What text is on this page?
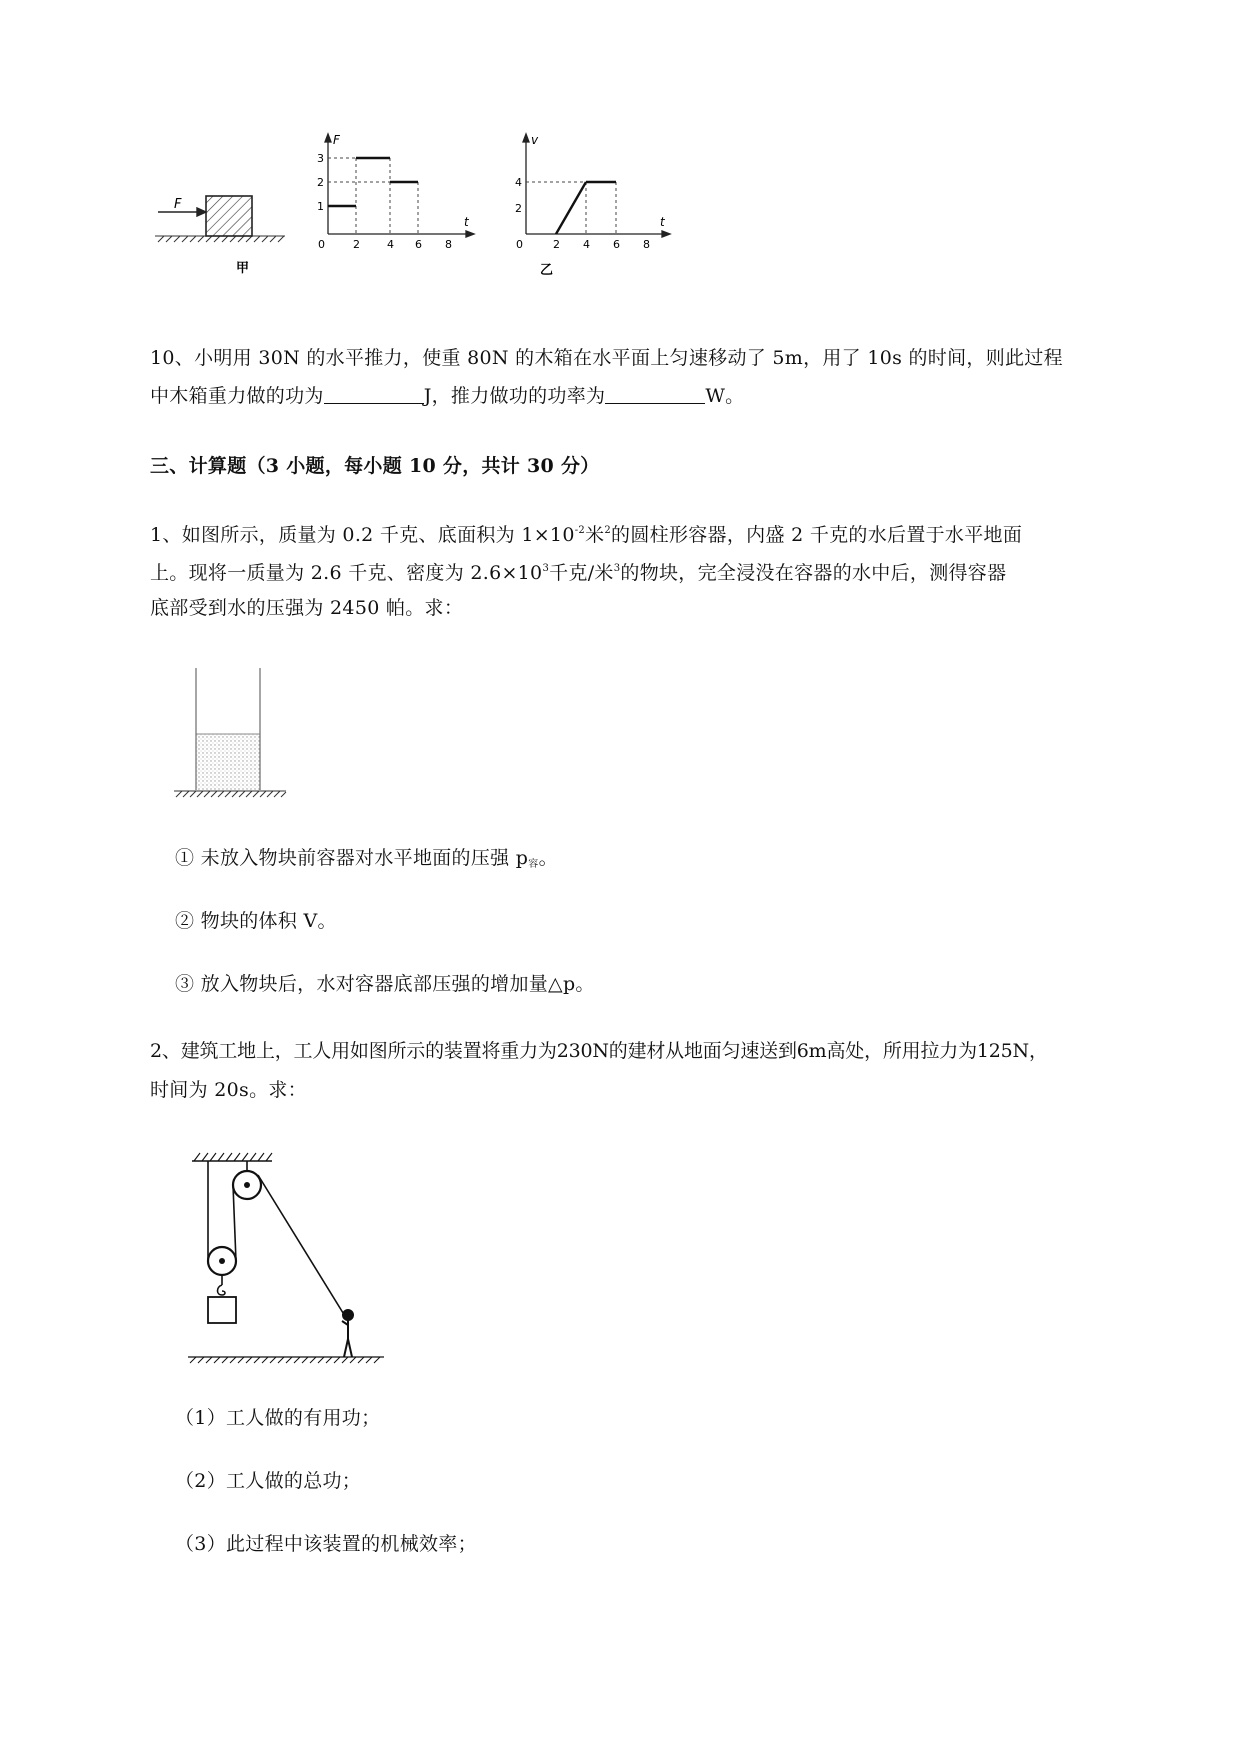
F
F
t
0	2 4 6 8
1
2
3
v
t
0	2 4 6 8
2
4
甲	乙
10、小明用 30N 的水平推力，使重 80N 的木箱在水平面上匀速移动了 5m，用了 10s 的时间，则此过程
中木箱重力做的功为	J，推力做功的功率为	W。
三、计算题（3 小题，每小题 10 分，共计 30 分）
1、如图所示，质量为 0.2 千克、底面积为 $1\times 10^{-2}$米$^2$的圆柱形容器，内盛 2 千克的水后置于水平地面
上。现将一质量为 2.6 千克、密度为 $2.6\times 10^3$千克/米$^3$的物块，完全浸没在容器的水中后，测得容器
底部受到水的压强为 2450 帕。求：
① 未放入物块前容器对水平地面的压强 $p_容$。
② 物块的体积 V。
③ 放入物块后，水对容器底部压强的增加量△p。
2、建筑工地上，工人用如图所示的装置将重力为230N的建材从地面匀速送到6m高处，所用拉力为125N，
时间为 20s。求：
（1）工人做的有用功；
（2）工人做的总功；
（3）此过程中该装置的机械效率；
